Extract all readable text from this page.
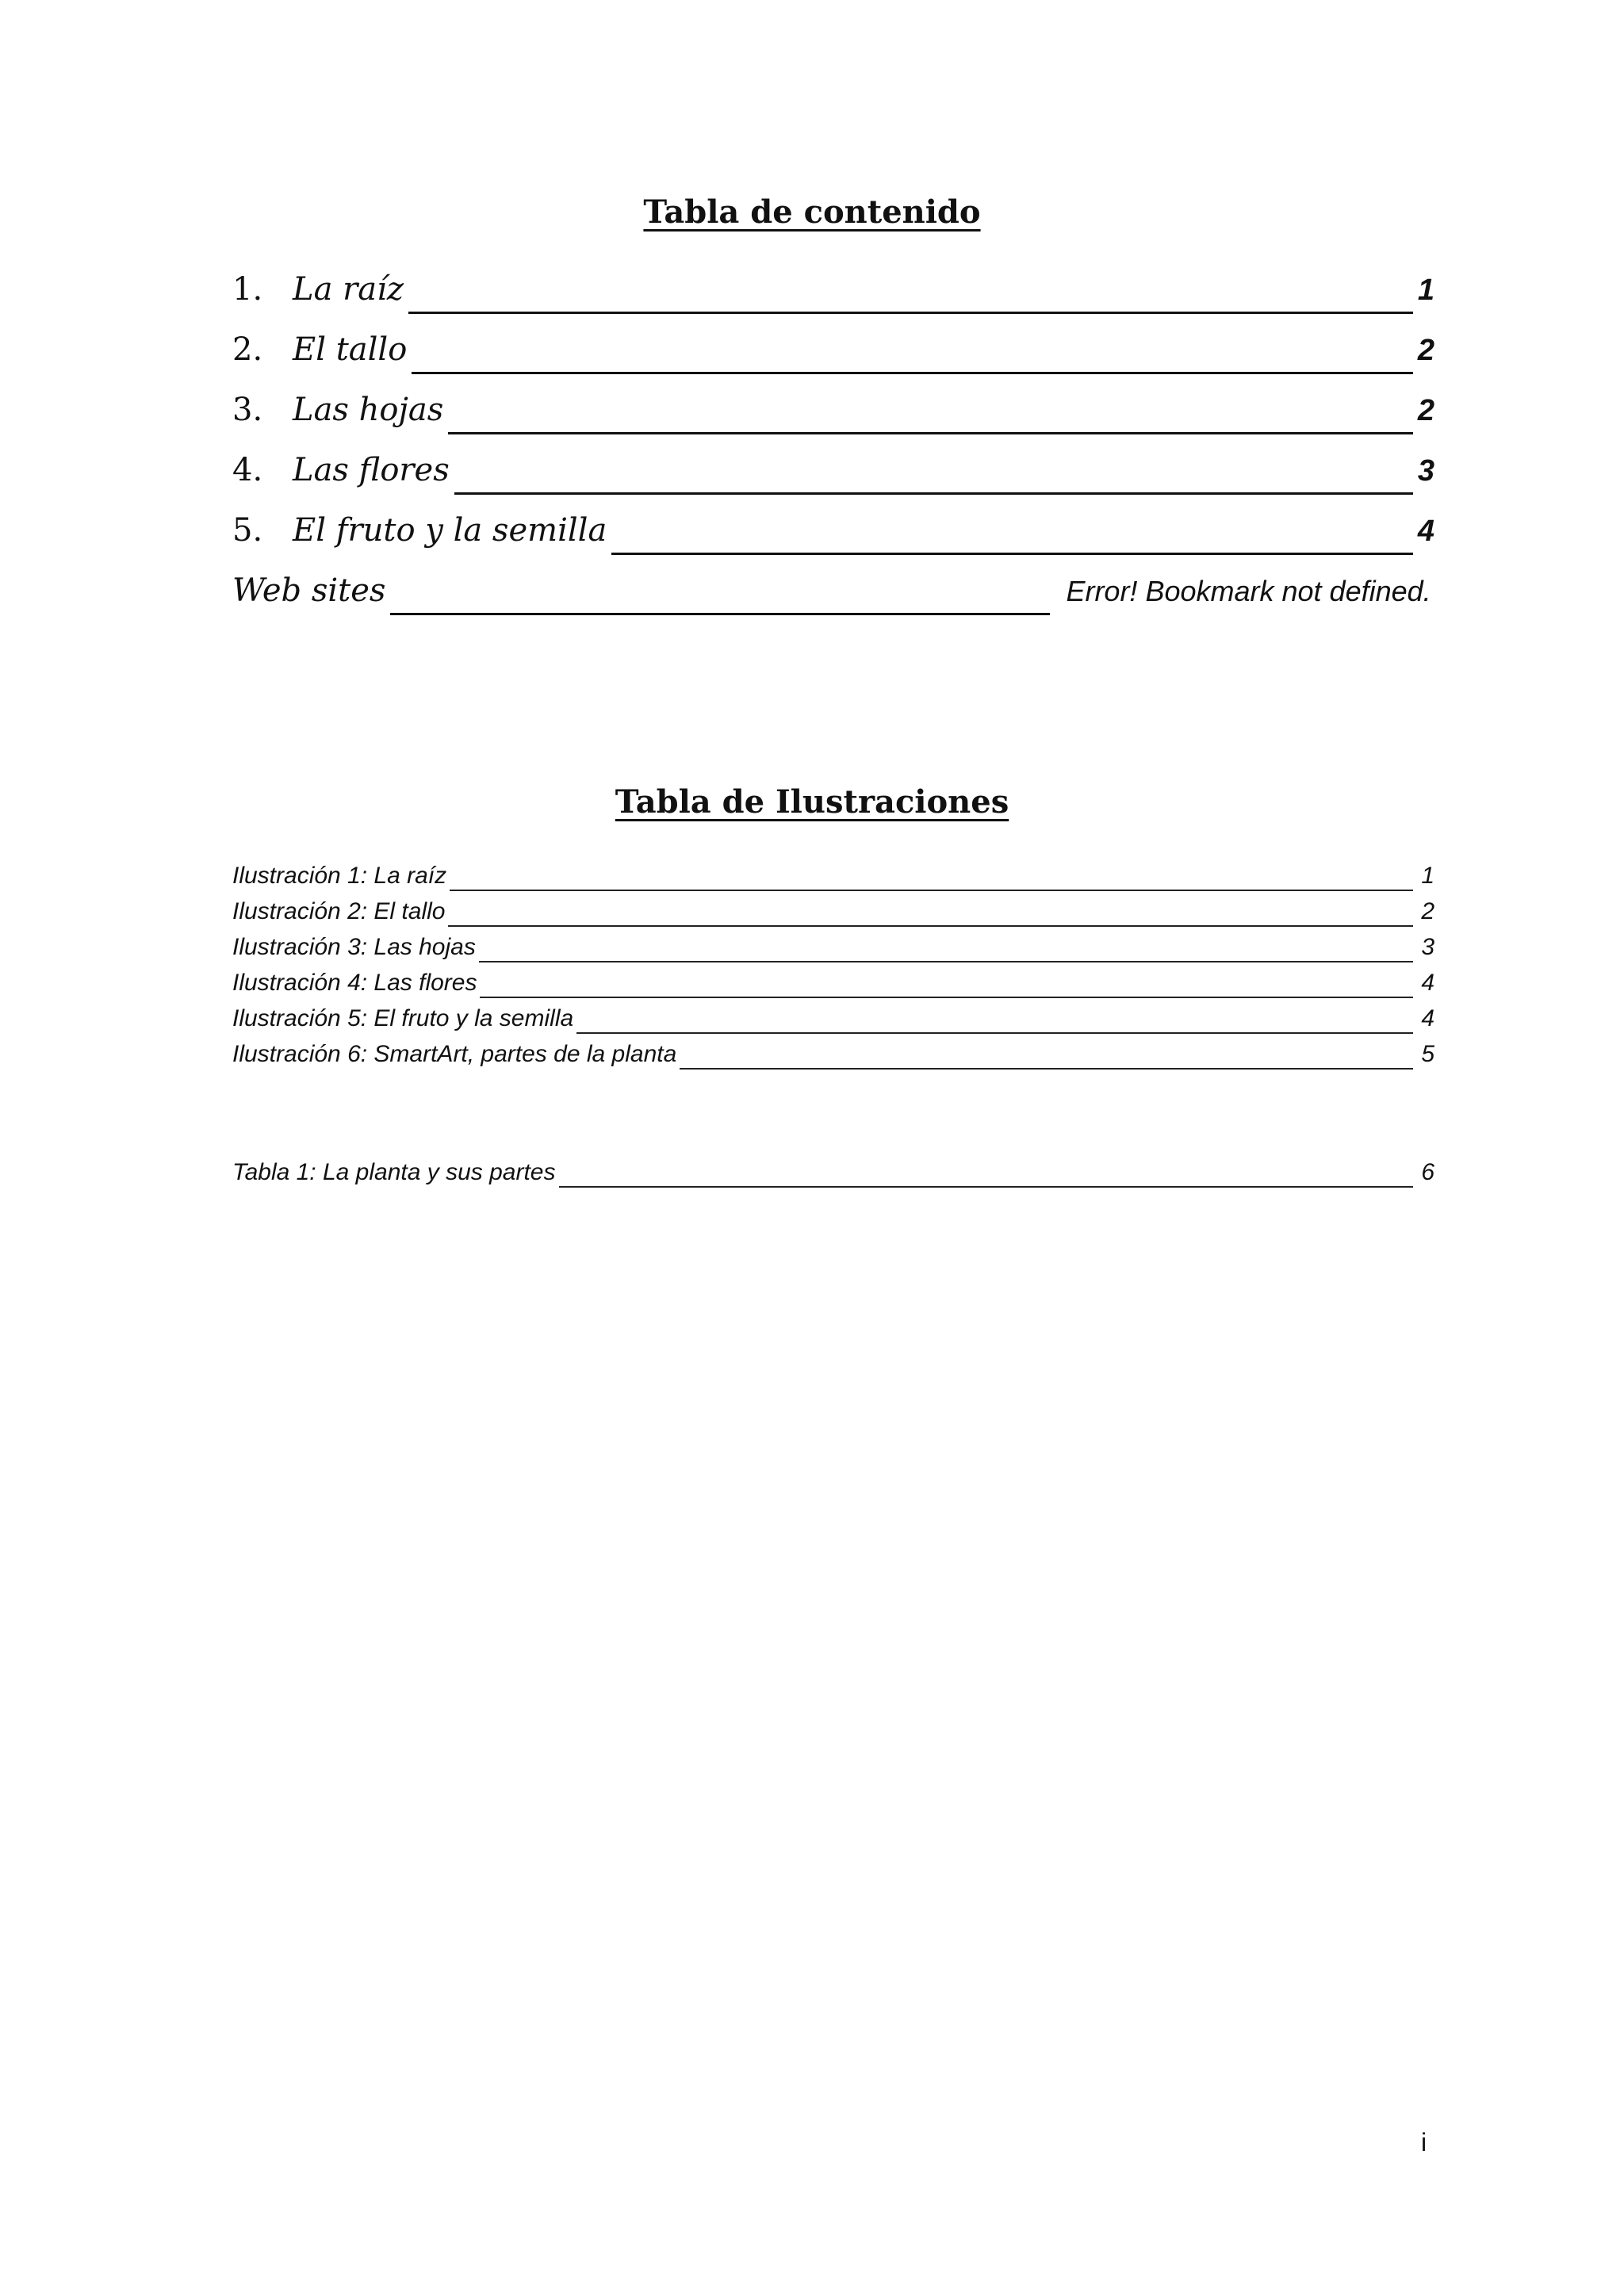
Tabla de contenido
1. La raíz	1
2. El tallo	2
3. Las hojas	2
4. Las flores	3
5. El fruto y la semilla	4
Web sites	Error! Bookmark not defined.
Tabla de Ilustraciones
Ilustración 1: La raíz	1
Ilustración 2: El tallo	2
Ilustración 3: Las hojas	3
Ilustración 4: Las flores	4
Ilustración 5: El fruto y la semilla	4
Ilustración 6: SmartArt, partes de la planta	5
Tabla 1: La planta y sus partes	6
i
